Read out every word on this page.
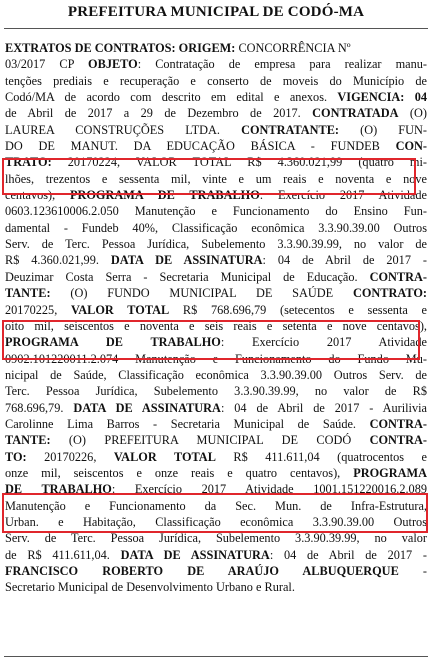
PREFEITURA MUNICIPAL DE CODÓ-MA
EXTRATOS DE CONTRATOS: ORIGEM: CONCORRÊNCIA Nº
03/2017 CP OBJETO: Contratação de empresa para realizar manu-
tenções prediais e recuperação e conserto de moveis do Município de
Codó/MA de acordo com descrito em edital e anexos. VIGENCIA: 04
de Abril de 2017 a 29 de Dezembro de 2017. CONTRATADA (O)
LAUREA CONSTRUÇÕES LTDA. CONTRATANTE: (O) FUN-
DO DE MANUT. DA EDUCAÇÃO BÁSICA - FUNDEB CON-
TRATO: 20170224, VALOR TOTAL R$ 4.360.021,99 (quatro mi-
lhões, trezentos e sessenta mil, vinte e um reais e noventa e nove
centavos), PROGRAMA DE TRABALHO: Exercício 2017 Atividade
0603.123610006.2.050 Manutenção e Funcionamento do Ensino Fun-
damental - Fundeb 40%, Classificação econômica 3.3.90.39.00 Outros
Serv. de Terc. Pessoa Jurídica, Subelemento 3.3.90.39.99, no valor de
R$ 4.360.021,99. DATA DE ASSINATURA: 04 de Abril de 2017 -
Deuzimar Costa Serra - Secretaria Municipal de Educação. CONTRA-
TANTE: (O) FUNDO MUNICIPAL DE SAÚDE CONTRATO:
20170225, VALOR TOTAL R$ 768.696,79 (setecentos e sessenta e
oito mil, seiscentos e noventa e seis reais e setenta e nove centavos),
PROGRAMA DE TRABALHO: Exercício 2017 Atividade
0902.101220011.2.074 Manutenção e Funcionamento do Fundo Mu-
nicipal de Saúde, Classificação econômica 3.3.90.39.00 Outros Serv. de
Terc. Pessoa Jurídica, Subelemento 3.3.90.39.99, no valor de R$
768.696,79. DATA DE ASSINATURA: 04 de Abril de 2017 - Aurilivia
Carolinne Lima Barros - Secretaria Municipal de Saúde. CONTRA-
TANTE: (O) PREFEITURA MUNICIPAL DE CODÓ CONTRA-
TO: 20170226, VALOR TOTAL R$ 411.611,04 (quatrocentos e
onze mil, seiscentos e onze reais e quatro centavos), PROGRAMA
DE TRABALHO: Exercício 2017 Atividade 1001.151220016.2.089
Manutenção e Funcionamento da Sec. Mun. de Infra-Estrutura,
Urban. e Habitação, Classificação econômica 3.3.90.39.00 Outros
Serv. de Terc. Pessoa Jurídica, Subelemento 3.3.90.39.99, no valor
de R$ 411.611,04. DATA DE ASSINATURA: 04 de Abril de 2017 -
FRANCISCO ROBERTO DE ARAÚJO ALBUQUERQUE -
Secretario Municipal de Desenvolvimento Urbano e Rural.
